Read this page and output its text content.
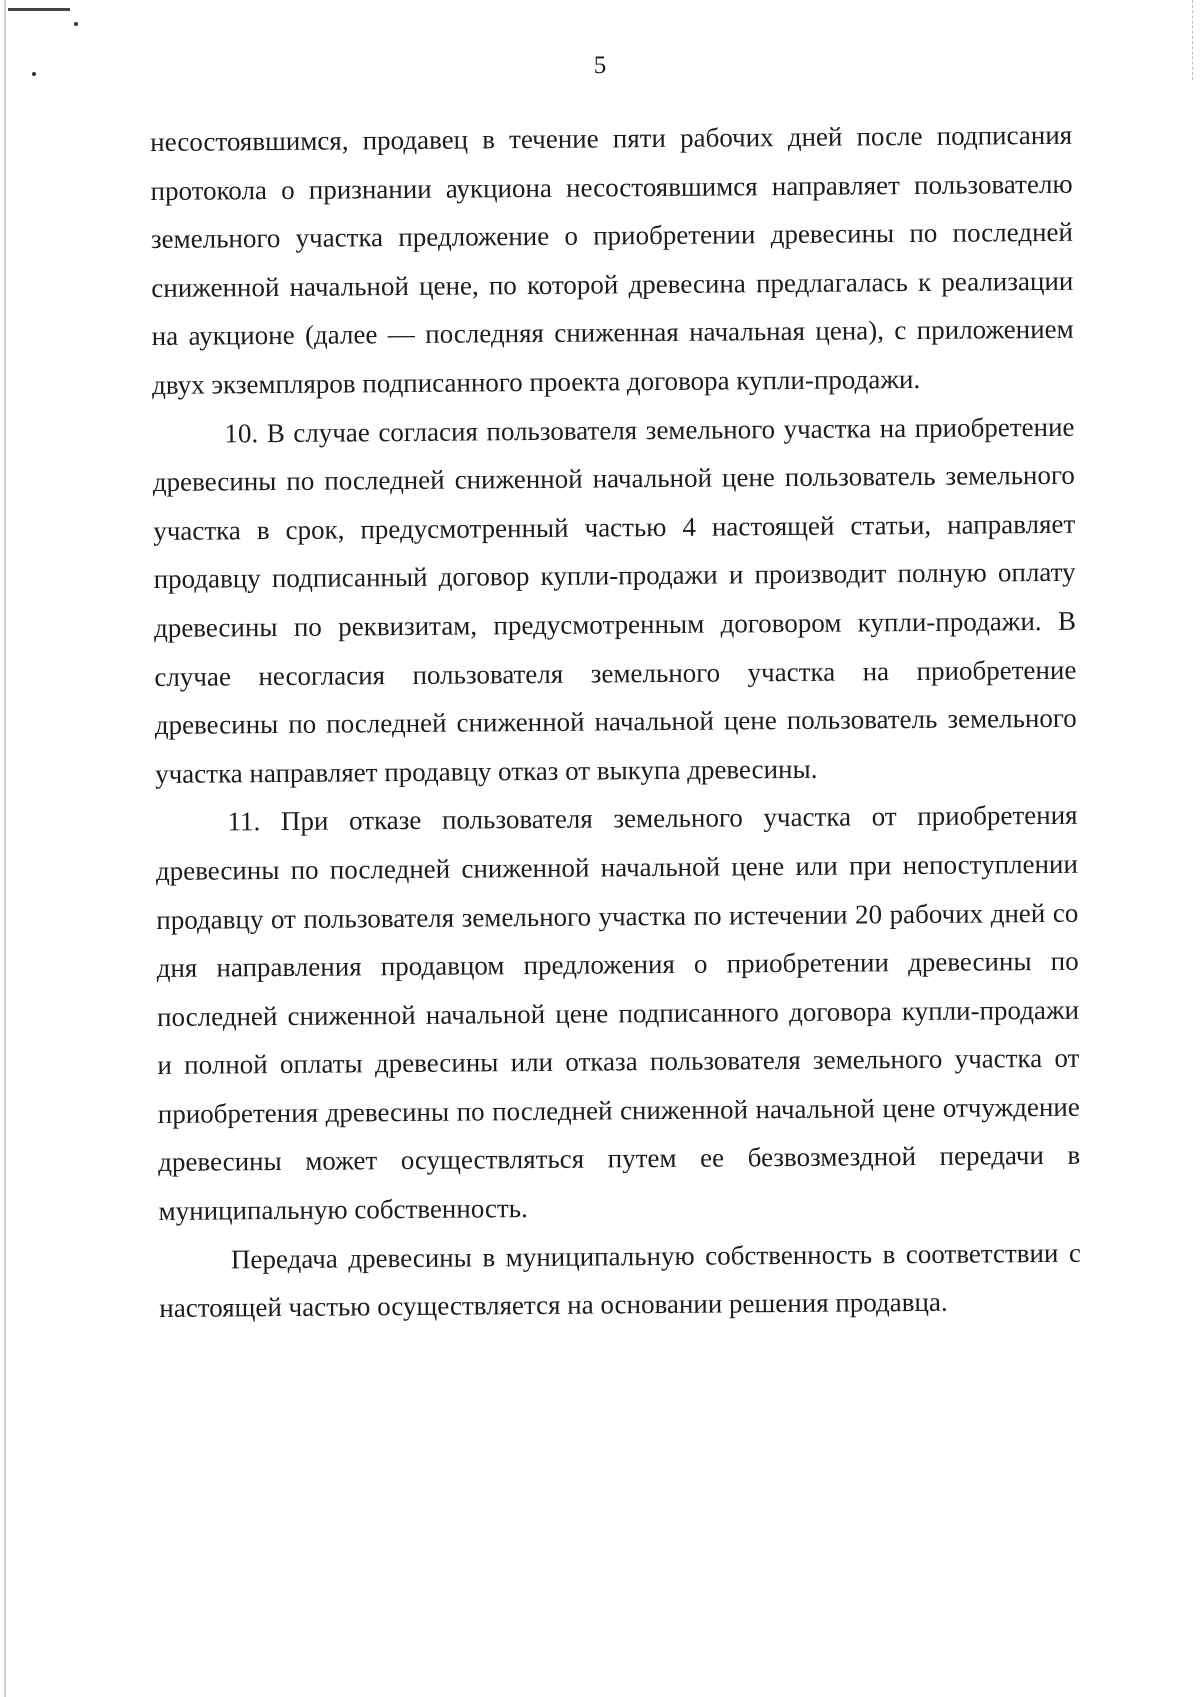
5

несостоявшимся, продавец в течение пяти рабочих дней после подписания протокола о признании аукциона несостоявшимся направляет пользователю земельного участка предложение о приобретении древесины по последней сниженной начальной цене, по которой древесина предлагалась к реализации на аукционе (далее — последняя сниженная начальная цена), с приложением двух экземпляров подписанного проекта договора купли-продажи.

10. В случае согласия пользователя земельного участка на приобретение древесины по последней сниженной начальной цене пользователь земельного участка в срок, предусмотренный частью 4 настоящей статьи, направляет продавцу подписанный договор купли-продажи и производит полную оплату древесины по реквизитам, предусмотренным договором купли-продажи. В случае несогласия пользователя земельного участка на приобретение древесины по последней сниженной начальной цене пользователь земельного участка направляет продавцу отказ от выкупа древесины.

11. При отказе пользователя земельного участка от приобретения древесины по последней сниженной начальной цене или при непоступлении продавцу от пользователя земельного участка по истечении 20 рабочих дней со дня направления продавцом предложения о приобретении древесины по последней сниженной начальной цене подписанного договора купли-продажи и полной оплаты древесины или отказа пользователя земельного участка от приобретения древесины по последней сниженной начальной цене отчуждение древесины может осуществляться путем ее безвозмездной передачи в муниципальную собственность.

Передача древесины в муниципальную собственность в соответствии с настоящей частью осуществляется на основании решения продавца.
